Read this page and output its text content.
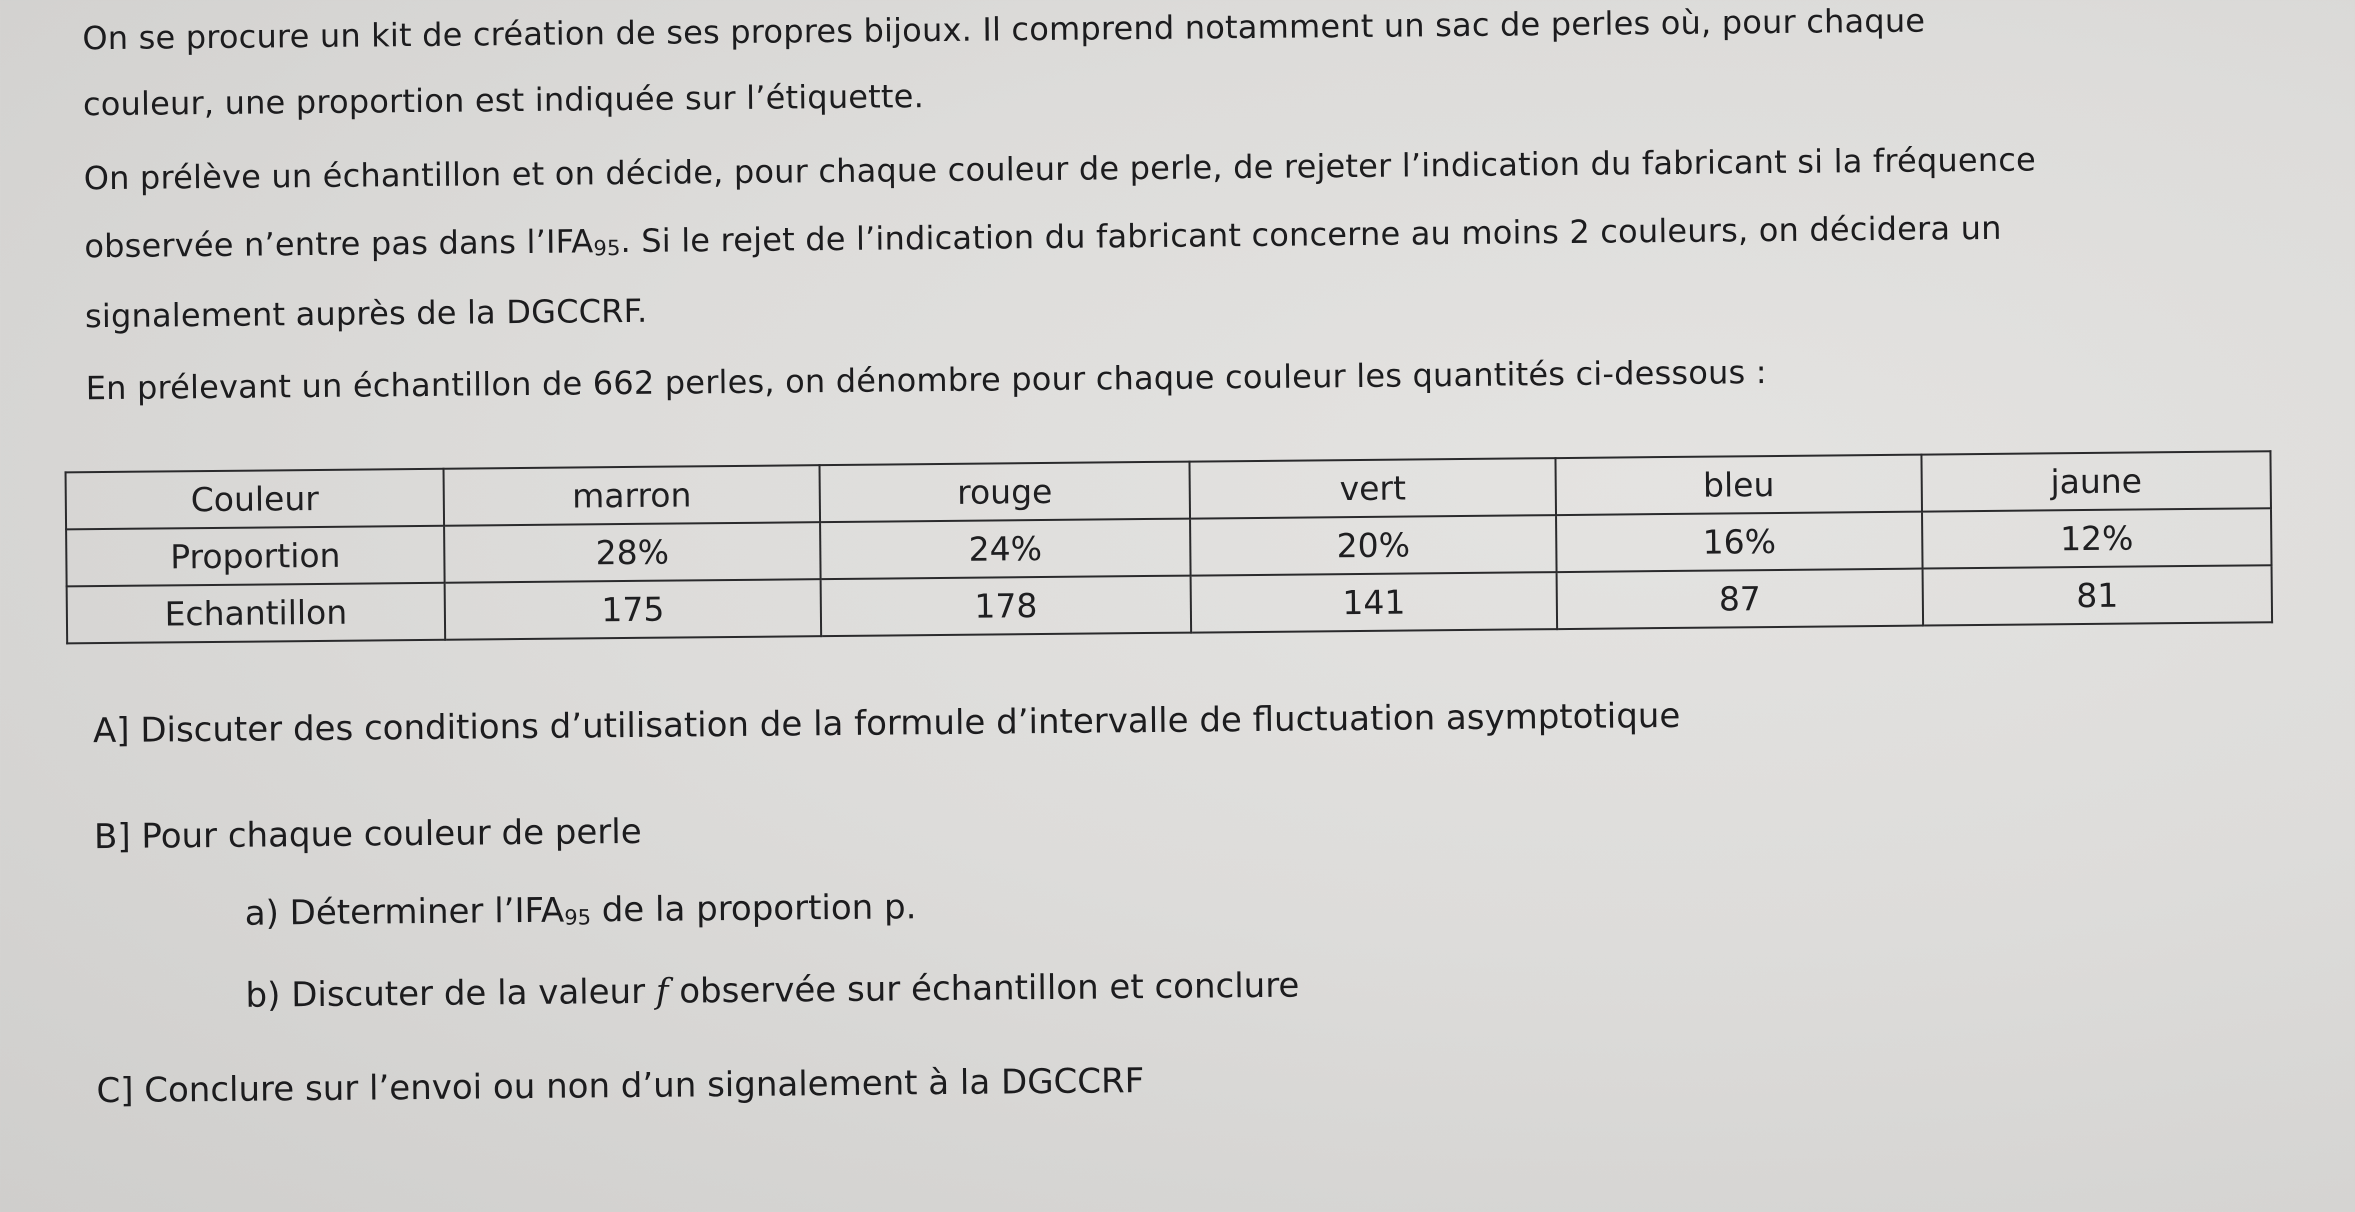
On se procure un kit de création de ses propres bijoux. Il comprend notamment un sac de perles où, pour chaque
couleur, une proportion est indiquée sur l’étiquette.
On prélève un échantillon et on décide, pour chaque couleur de perle, de rejeter l’indication du fabricant si la fréquence
observée n’entre pas dans $l’IFA_{95}$. Si le rejet de l’indication du fabricant concerne au moins 2 couleurs, on décidera un
signalement auprès de la DGCCRF.
En prélevant un échantillon de 662 perles, on dénombre pour chaque couleur les quantités ci-dessous :
Couleur	marron	rouge	vert	bleu	jaune
Proportion	28%	24%	20%	16%	12%
Echantillon	175	178	141	87	81
A] Discuter des conditions d’utilisation de la formule d’intervalle de fluctuation asymptotique
B] Pour chaque couleur de perle
a) Déterminer $l’IFA_{95}$ de la proportion p.
b) Discuter de la valeur f observée sur échantillon et conclure
C] Conclure sur l’envoi ou non d’un signalement à la DGCCRF
